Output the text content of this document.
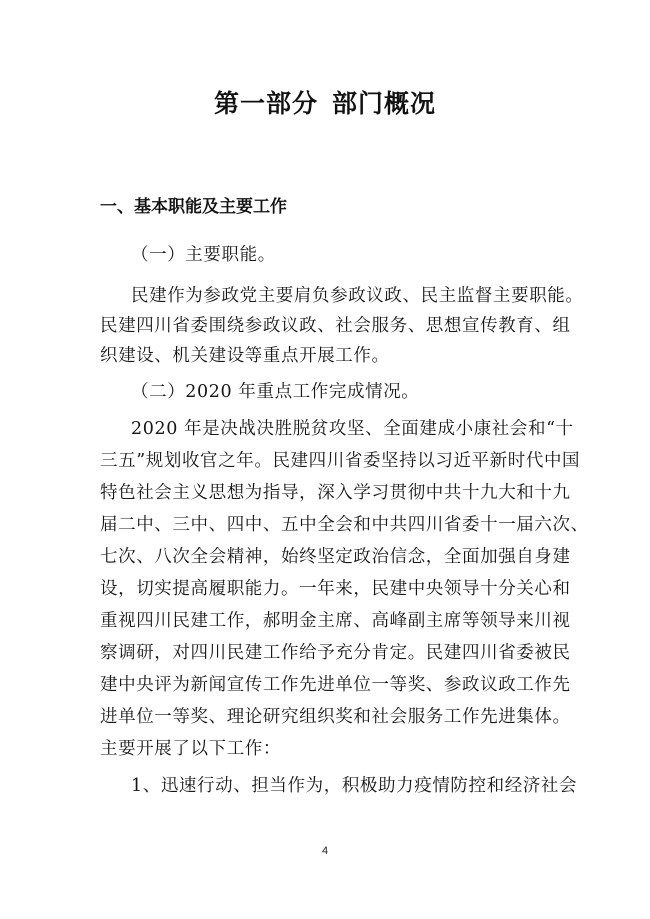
第一部分 部门概况
一、基本职能及主要工作
（一）主要职能。
民建作为参政党主要肩负参政议政、民主监督主要职能。
民建四川省委围绕参政议政、社会服务、思想宣传教育、组
织建设、机关建设等重点开展工作。
（二）2020 年重点工作完成情况。
2020 年是决战决胜脱贫攻坚、全面建成小康社会和“十
三五”规划收官之年。民建四川省委坚持以习近平新时代中国
特色社会主义思想为指导，深入学习贯彻中共十九大和十九
届二中、三中、四中、五中全会和中共四川省委十一届六次、
七次、八次全会精神，始终坚定政治信念，全面加强自身建
设，切实提高履职能力。一年来，民建中央领导十分关心和
重视四川民建工作，郝明金主席、高峰副主席等领导来川视
察调研，对四川民建工作给予充分肯定。民建四川省委被民
建中央评为新闻宣传工作先进单位一等奖、参政议政工作先
进单位一等奖、理论研究组织奖和社会服务工作先进集体。
主要开展了以下工作：
1、迅速行动、担当作为，积极助力疫情防控和经济社会
4
